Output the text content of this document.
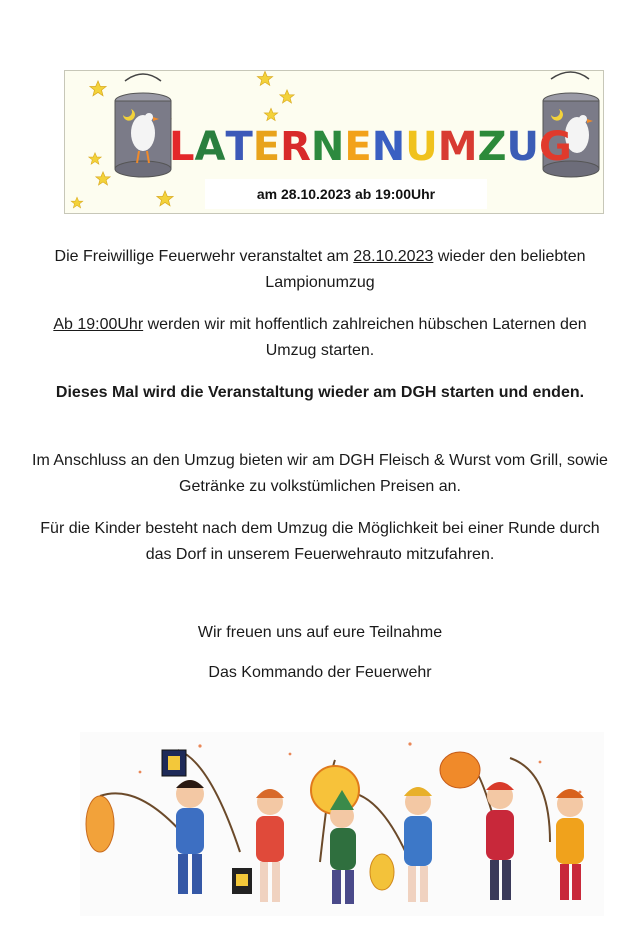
LATERNENUMZUG
am 28.10.2023 ab 19:00Uhr

Die Freiwillige Feuerwehr veranstaltet am 28.10.2023 wieder den beliebten Lampionumzug

Ab 19:00Uhr werden wir mit hoffentlich zahlreichen hübschen Laternen den Umzug starten.

Dieses Mal wird die Veranstaltung wieder am DGH starten und enden.

Im Anschluss an den Umzug bieten wir am DGH Fleisch & Wurst vom Grill, sowie Getränke zu volkstümlichen Preisen an.

Für die Kinder besteht nach dem Umzug die Möglichkeit bei einer Runde durch das Dorf in unserem Feuerwehrauto mitzufahren.

Wir freuen uns auf eure Teilnahme

Das Kommando der Feuerwehr
